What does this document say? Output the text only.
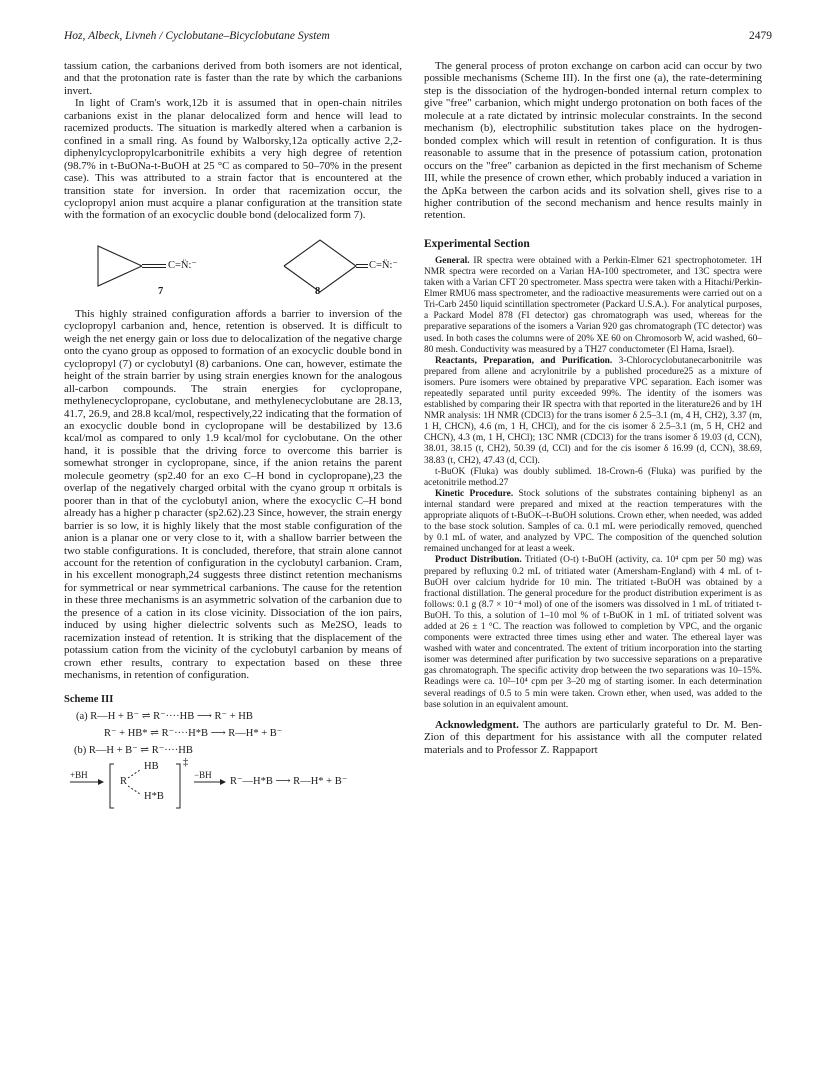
Hoz, Albeck, Livneh / Cyclobutane–Bicyclobutane System	2479

tassium cation, the carbanions derived from both isomers are not identical, and that the protonation rate is faster than the rate by which the carbanions invert.

In light of Cram's work,12b it is assumed that in open-chain nitriles carbanions exist in the planar delocalized form and hence will lead to racemized products. The situation is markedly altered when a carbanion is confined in a small ring. As found by Walborsky,12a optically active 2,2-diphenylcyclopropylcarbonitrile exhibits a very high degree of retention (98.7% in t-BuONa-t-BuOH at 25 °C as compared to 50–70% in the present case). This was attributed to a strain factor that is encountered at the transition state for inversion. In order that racemization occur, the cyclopropyl anion must acquire a planar configuration at the transition state with the formation of an exocyclic double bond (delocalized form 7).

C=N̈:⁻	C=N̈:⁻
7	8

This highly strained configuration affords a barrier to inversion of the cyclopropyl carbanion and, hence, retention is observed. It is difficult to weigh the net energy gain or loss due to delocalization of the negative charge onto the cyano group as opposed to formation of an exocyclic double bond in cyclopropyl (7) or cyclobutyl (8) carbanions. One can, however, estimate the height of the strain barrier by using strain energies known for the analogous all-carbon compounds. The strain energies for cyclopropane, methylenecyclopropane, cyclobutane, and methylenecyclobutane are 28.13, 41.7, 26.9, and 28.8 kcal/mol, respectively,22 indicating that the formation of an exocyclic double bond in cyclopropane will be destabilized by 13.6 kcal/mol as compared to only 1.9 kcal/mol for cyclobutane. On the other hand, it is possible that the driving force to overcome this barrier is somewhat stronger in cyclopropane, since, if the anion retains the parent molecule geometry (sp2.40 for an exo C–H bond in cyclopropane),23 the overlap of the negatively charged orbital with the cyano group π orbitals is poorer than in that of the cyclobutyl anion, where the exocyclic C–H bond already has a higher p character (sp2.62).23 Since, however, the strain energy barrier is so low, it is highly likely that the most stable configuration of the anion is a planar one or very close to it, with a shallow barrier between the two stable configurations. It is concluded, therefore, that strain alone cannot account for the retention of configuration in the cyclobutyl carbanion. Cram, in his excellent monograph,24 suggests three distinct retention mechanisms for symmetrical or near symmetrical carbanions. The cause for the retention in these three mechanisms is an asymmetric solvation of the carbanion due to the presence of a cation in its close vicinity. Dissociation of the ion pairs, induced by using higher dielectric solvents such as Me2SO, leads to racemization instead of retention. It is striking that the displacement of the potassium cation from the vicinity of the cyclobutyl carbanion by means of crown ether results, contrary to expectation based on these three mechanisms, in retention of configuration.

Scheme III
(a) R—H + B⁻ ⇌ R⁻····HB ⟶ R⁻ + HB
R⁻ + HB* ⇌ R⁻····H*B ⟶ R—H* + B⁻
(b) R—H + B⁻ ⇌ R⁻····HB
+BH
R
HB
H*B
‡
−BH
R⁻—H*B ⟶ R—H* + B⁻

The general process of proton exchange on carbon acid can occur by two possible mechanisms (Scheme III). In the first one (a), the rate-determining step is the dissociation of the hydrogen-bonded internal return complex to give "free" carbanion, which might undergo protonation on both faces of the molecule at a rate dictated by intrinsic molecular constraints. In the second mechanism (b), electrophilic substitution takes place on the hydrogen-bonded complex which will result in retention of configuration. It is thus reasonable to assume that in the presence of potassium cation, protonation occurs on the "free" carbanion as depicted in the first mechanism of Scheme III, while the presence of crown ether, which probably induced a variation in the ΔpKa between the carbon acids and its solvation shell, gives rise to a higher contribution of the second mechanism and hence results mainly in retention.

Experimental Section

General. IR spectra were obtained with a Perkin-Elmer 621 spectrophotometer. 1H NMR spectra were recorded on a Varian HA-100 spectrometer, and 13C spectra were taken with a Varian CFT 20 spectrometer. Mass spectra were taken with a Hitachi/Perkin-Elmer RMU6 mass spectrometer, and the radioactive measurements were carried out on a Tri-Carb 2450 liquid scintillation spectrometer (Packard U.S.A.). For analytical purposes, a Packard Model 878 (FI detector) gas chromatograph was used, whereas for the preparative separations of the isomers a Varian 920 gas chromatograph (TC detector) was used. In both cases the columns were of 20% XE 60 on Chromosorb W, acid washed, 60–80 mesh. Conductivity was measured by a TH27 conductometer (El Hama, Israel).

Reactants, Preparation, and Purification. 3-Chlorocyclobutanecarbonitrile was prepared from allene and acrylonitrile by a published procedure25 as a mixture of isomers. Pure isomers were obtained by preparative VPC separation. Each isomer was repeatedly separated until purity exceeded 99%. The identity of the isomers was established by comparing their IR spectra with that reported in the literature26 and by 1H NMR analysis: 1H NMR (CDCl3) for the trans isomer δ 2.5–3.1 (m, 4 H, CH2), 3.37 (m, 1 H, CHCN), 4.6 (m, 1 H, CHCl), and for the cis isomer δ 2.5–3.1 (m, 5 H, CH2 and CHCN), 4.3 (m, 1 H, CHCl); 13C NMR (CDCl3) for the trans isomer δ 19.03 (d, CCN), 38.01, 38.15 (t, CH2), 50.39 (d, CCl) and for the cis isomer δ 16.99 (d, CCN), 38.69, 38.83 (t, CH2), 47.43 (d, CCl).

t-BuOK (Fluka) was doubly sublimed. 18-Crown-6 (Fluka) was purified by the acetonitrile method.27

Kinetic Procedure. Stock solutions of the substrates containing biphenyl as an internal standard were prepared and mixed at the reaction temperatures with the appropriate aliquots of t-BuOK–t-BuOH solutions. Crown ether, when needed, was added to the base stock solution. Samples of ca. 0.1 mL were periodically removed, quenched by 0.1 mL of water, and analyzed by VPC. The composition of the quenched solution remained unchanged for at least a week.

Product Distribution. Tritiated (O-t) t-BuOH (activity, ca. 10⁴ cpm per 50 mg) was prepared by refluxing 0.2 mL of tritiated water (Amersham-England) with 4 mL of t-BuOH over calcium hydride for 10 min. The tritiated t-BuOH was obtained by a fractional distillation. The general procedure for the product distribution experiment is as follows: 0.1 g (8.7 × 10⁻⁴ mol) of one of the isomers was dissolved in 1 mL of tritiated t-BuOH. To this, a solution of 1–10 mol % of t-BuOK in 1 mL of tritiated solvent was added at 26 ± 1 °C. The reaction was followed to completion by VPC, and the organic components were extracted three times using ether and water. The ethereal layer was washed with water and concentrated. The extent of tritium incorporation into the starting isomer was determined after purification by two successive separations on a preparative gas chromatograph. The specific activity drop between the two separations was 10–15%. Readings were ca. 10²–10⁴ cpm per 3–20 mg of starting isomer. In each determination several readings of 0.5 to 5 min were taken. Crown ether, when used, was added to the base solution in an equivalent amount.

Acknowledgment. The authors are particularly grateful to Dr. M. Ben-Zion of this department for his assistance with all the computer related materials and to Professor Z. Rappaport
